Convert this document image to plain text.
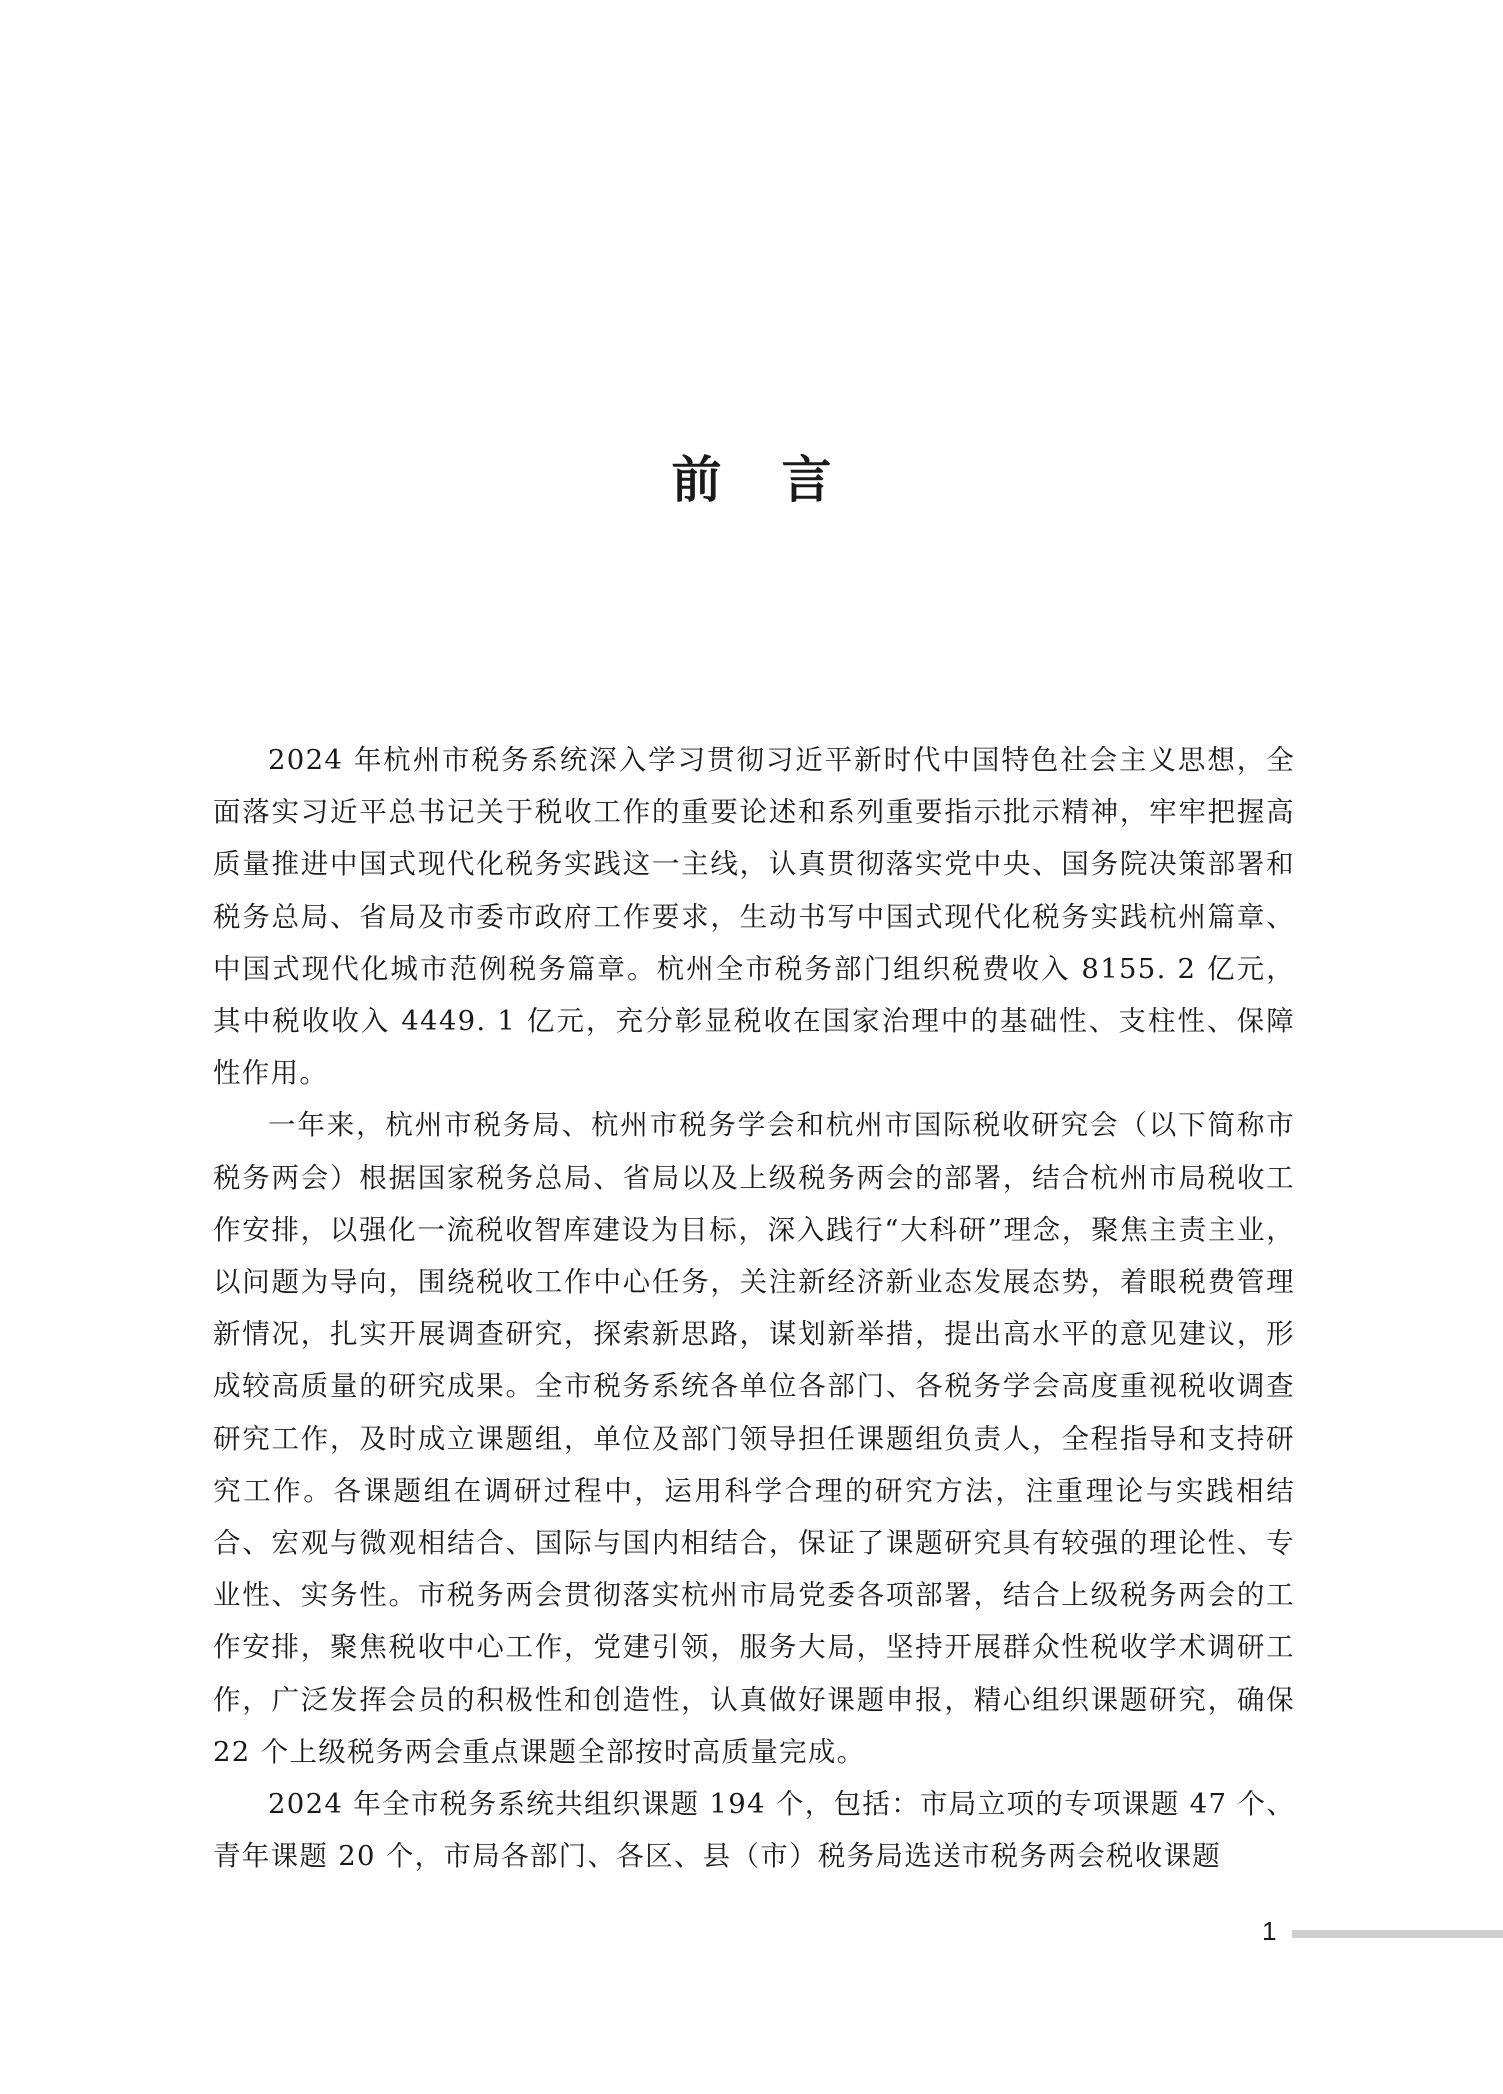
前言

2024 年杭州市税务系统深入学习贯彻习近平新时代中国特色社会主义思想，全面落实习近平总书记关于税收工作的重要论述和系列重要指示批示精神，牢牢把握高质量推进中国式现代化税务实践这一主线，认真贯彻落实党中央、国务院决策部署和税务总局、省局及市委市政府工作要求，生动书写中国式现代化税务实践杭州篇章、中国式现代化城市范例税务篇章。杭州全市税务部门组织税费收入 8155. 2 亿元，其中税收收入 4449. 1 亿元，充分彰显税收在国家治理中的基础性、支柱性、保障性作用。

一年来，杭州市税务局、杭州市税务学会和杭州市国际税收研究会（以下简称市税务两会）根据国家税务总局、省局以及上级税务两会的部署，结合杭州市局税收工作安排，以强化一流税收智库建设为目标，深入践行“大科研”理念，聚焦主责主业，以问题为导向，围绕税收工作中心任务，关注新经济新业态发展态势，着眼税费管理新情况，扎实开展调查研究，探索新思路，谋划新举措，提出高水平的意见建议，形成较高质量的研究成果。全市税务系统各单位各部门、各税务学会高度重视税收调查研究工作，及时成立课题组，单位及部门领导担任课题组负责人，全程指导和支持研究工作。各课题组在调研过程中，运用科学合理的研究方法，注重理论与实践相结合、宏观与微观相结合、国际与国内相结合，保证了课题研究具有较强的理论性、专业性、实务性。市税务两会贯彻落实杭州市局党委各项部署，结合上级税务两会的工作安排，聚焦税收中心工作，党建引领，服务大局，坚持开展群众性税收学术调研工作，广泛发挥会员的积极性和创造性，认真做好课题申报，精心组织课题研究，确保 22 个上级税务两会重点课题全部按时高质量完成。

2024 年全市税务系统共组织课题 194 个，包括：市局立项的专项课题 47 个、青年课题 20 个，市局各部门、各区、县（市）税务局选送市税务两会税收课题

1
